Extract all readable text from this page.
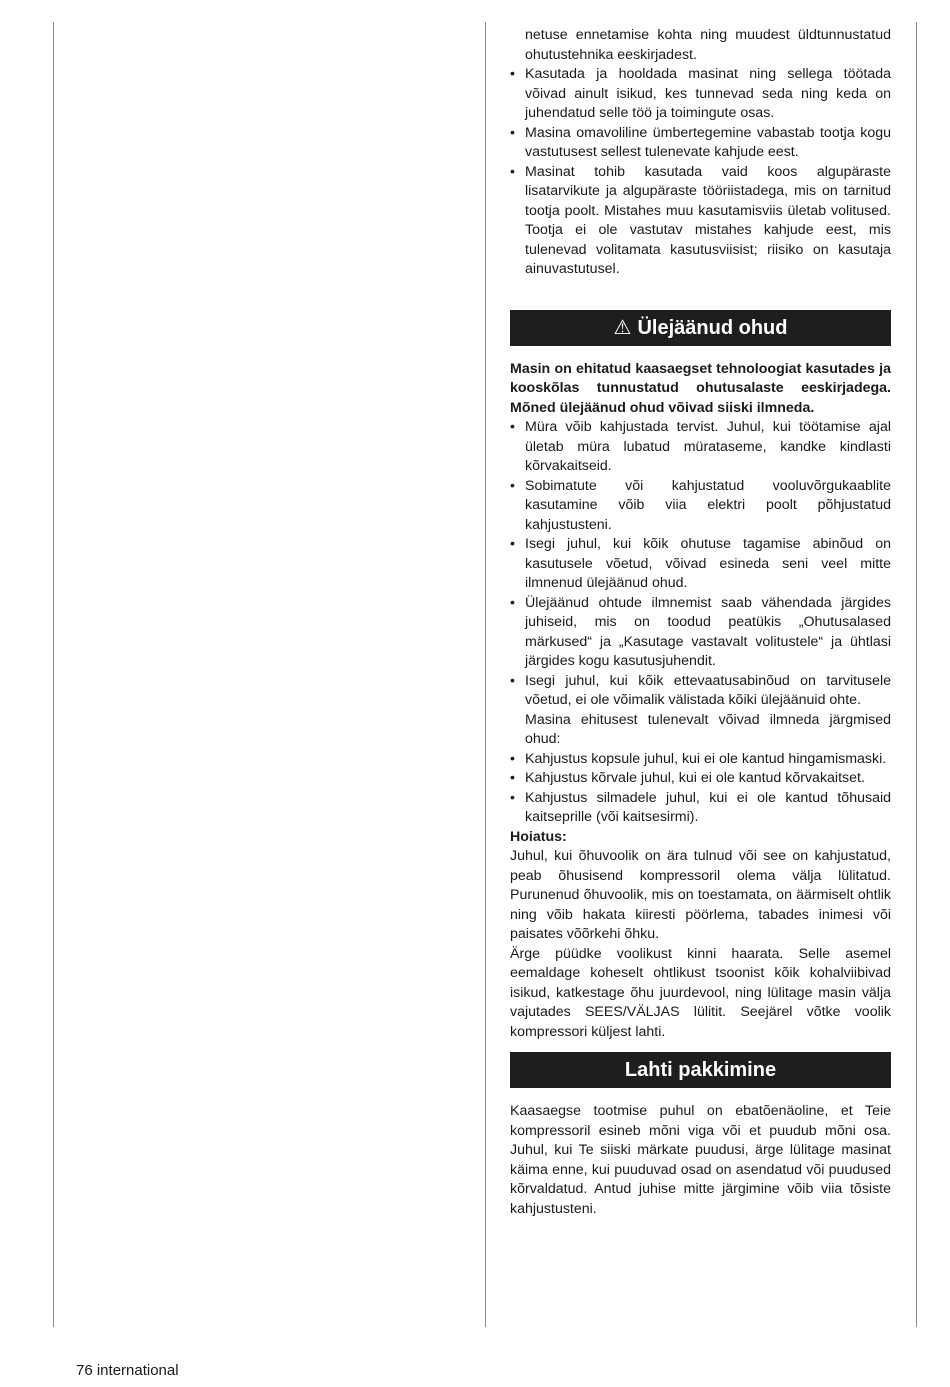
netuse ennetamise kohta ning muudest üldtunnustatud ohutustehnika eeskirjadest.

• Kasutada ja hooldada masinat ning sellega töötada võivad ainult isikud, kes tunnevad seda ning keda on juhendatud selle töö ja toimingute osas.
• Masina omavoliline ümbertegemine vabastab tootja kogu vastutusest sellest tulenevate kahjude eest.
• Masinat tohib kasutada vaid koos algupäraste lisatarvikute ja algupäraste tööriistadega, mis on tarnitud tootja poolt. Mistahes muu kasutamisviis ületab volitused. Tootja ei ole vastutav mistahes kahjude eest, mis tulenevad volitamata kasutusviisist; riisiko on kasutaja ainuvastutusel.
⚠ Ülejäänud ohud

Masin on ehitatud kaasaegset tehnoloogiat kasutades ja kooskõlas tunnustatud ohutusalaste eeskirjadega. Mõned ülejäänud ohud võivad siiski ilmneda.

• Müra võib kahjustada tervist. Juhul, kui töötamise ajal ületab müra lubatud mürataseme, kandke kindlasti kõrvakaitseid.
• Sobimatute või kahjustatud vooluvõrgukaablite kasutamine võib viia elektri poolt põhjustatud kahjustusteni.
• Isegi juhul, kui kõik ohutuse tagamise abinõud on kasutusele võetud, võivad esineda seni veel mitte ilmnenud ülejäänud ohud.
• Ülejäänud ohtude ilmnemist saab vähendada järgides juhiseid, mis on toodud peatükis „Ohutusalased märkused“ ja „Kasutage vastavalt volitustele“ ja ühtlasi järgides kogu kasutusjuhendit.
• Isegi juhul, kui kõik ettevaatusabinõud on tarvitusele võetud, ei ole võimalik välistada kõiki ülejäänuid ohte.

Masina ehitusest tulenevalt võivad ilmneda järgmised ohud:

• Kahjustus kopsule juhul, kui ei ole kantud hingamismaski.
• Kahjustus kõrvale juhul, kui ei ole kantud kõrvakaitset.
• Kahjustus silmadele juhul, kui ei ole kantud tõhusaid kaitseprille (või kaitsesirmi).

Hoiatus:

Juhul, kui õhuvoolik on ära tulnud või see on kahjustatud, peab õhusisend kompressoril olema välja lülitatud. Purunenud õhuvoolik, mis on toestamata, on äärmiselt ohtlik ning võib hakata kiiresti pöörlema, tabades inimesi või paisates võõrkehi õhku.

Ärge püüdke voolikust kinni haarata. Selle asemel eemaldage koheselt ohtlikust tsoonist kõik kohalviibivad isikud, katkestage õhu juurdevool, ning lülitage masin välja vajutades SEES/VÄLJAS lülitit. Seejärel võtke voolik kompressori küljest lahti.

Lahti pakkimine

Kaasaegse tootmise puhul on ebatõenäoline, et Teie kompressoril esineb mõni viga või et puudub mõni osa. Juhul, kui Te siiski märkate puudusi, ärge lülitage masinat käima enne, kui puuduvad osad on asendatud või puudused kõrvaldatud. Antud juhise mitte järgimine võib viia tõsiste kahjustusteni.

76 international
